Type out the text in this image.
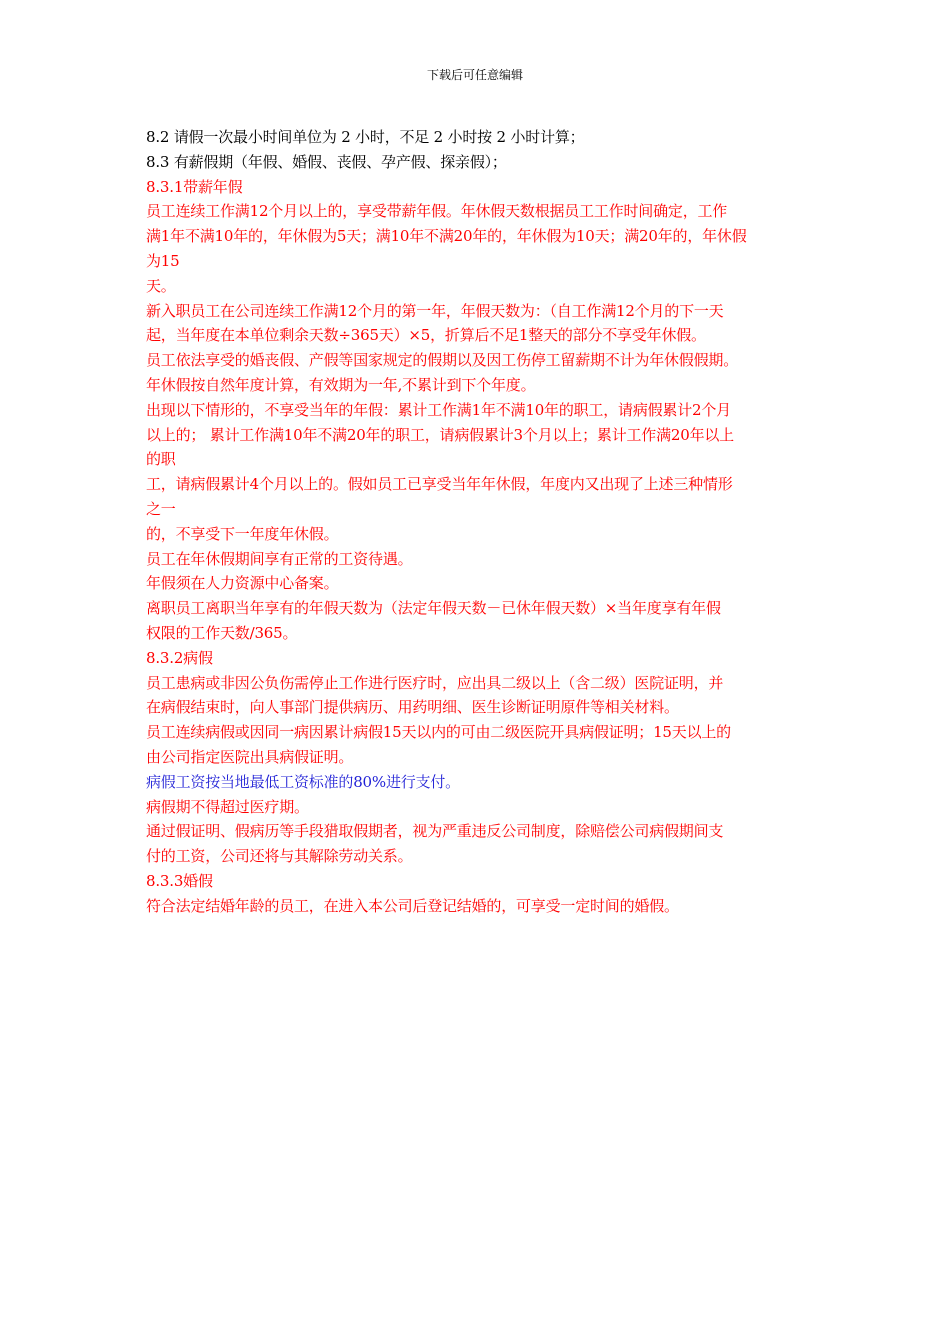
下载后可任意编辑
8.2 请假一次最小时间单位为 2 小时，不足 2 小时按 2 小时计算；
8.3 有薪假期（年假、婚假、丧假、孕产假、探亲假）；
8.3.1带薪年假
员工连续工作满12个月以上的，享受带薪年假。年休假天数根据员工工作时间确定，工作
满1年不满10年的，年休假为5天；满10年不满20年的，年休假为10天；满20年的，年休假
为15
天。
新入职员工在公司连续工作满12个月的第一年，年假天数为：（自工作满12个月的下一天
起，当年度在本单位剩余天数÷365天）×5，折算后不足1整天的部分不享受年休假。
员工依法享受的婚丧假、产假等国家规定的假期以及因工伤停工留薪期不计为年休假假期。
年休假按自然年度计算，有效期为一年,不累计到下个年度。
出现以下情形的，不享受当年的年假：累计工作满1年不满10年的职工，请病假累计2个月
以上的； 累计工作满10年不满20年的职工，请病假累计3个月以上；累计工作满20年以上
的职
工，请病假累计4个月以上的。假如员工已享受当年年休假，年度内又出现了上述三种情形
之一
的，不享受下一年度年休假。
员工在年休假期间享有正常的工资待遇。
年假须在人力资源中心备案。
离职员工离职当年享有的年假天数为（法定年假天数－已休年假天数）×当年度享有年假
权限的工作天数/365。
8.3.2病假
员工患病或非因公负伤需停止工作进行医疗时，应出具二级以上（含二级）医院证明，并
在病假结束时，向人事部门提供病历、用药明细、医生诊断证明原件等相关材料。
员工连续病假或因同一病因累计病假15天以内的可由二级医院开具病假证明；15天以上的
由公司指定医院出具病假证明。
病假工资按当地最低工资标准的80%进行支付。
病假期不得超过医疗期。
通过假证明、假病历等手段猎取假期者，视为严重违反公司制度，除赔偿公司病假期间支
付的工资，公司还将与其解除劳动关系。
8.3.3婚假
符合法定结婚年龄的员工，在进入本公司后登记结婚的，可享受一定时间的婚假。
